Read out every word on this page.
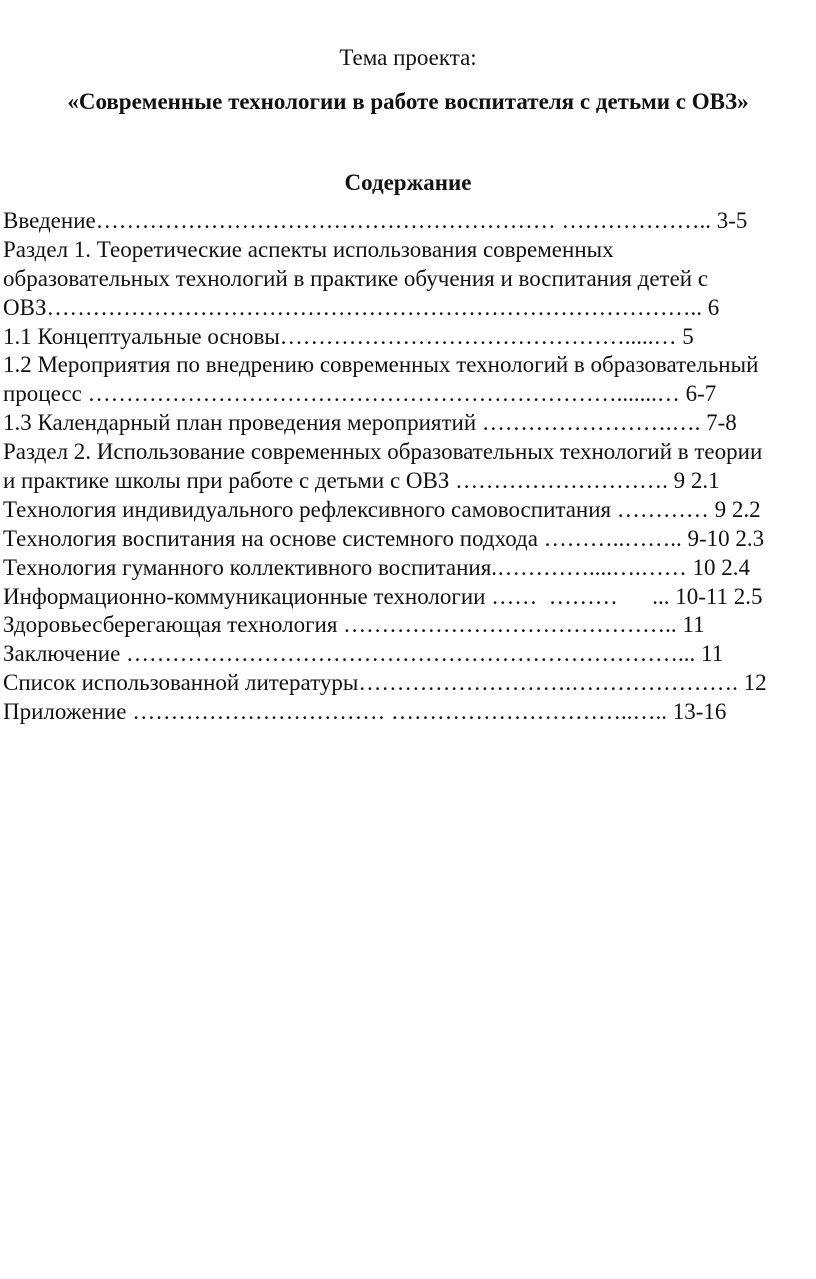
Тема проекта:
«Современные технологии в работе воспитателя с детьми с ОВЗ»
Содержание
Введение…………………………………………………… ……………….. 3-5
Раздел 1. Теоретические аспекты использования современных
образовательных технологий в практике обучения и воспитания детей с
ОВЗ………………………………………………………………………….. 6
1.1 Концептуальные основы……………………………………….....… 5
1.2 Мероприятия по внедрению современных технологий в образовательный
процесс …………………………………………………………….......… 6-7
1.3 Календарный план проведения мероприятий …………………….…. 7-8
Раздел 2. Использование современных образовательных технологий в теории
и практике школы при работе с детьми с ОВЗ ………………………. 9 2.1
Технология индивидуального рефлексивного самовоспитания ………… 9 2.2
Технология воспитания на основе системного подхода ………..…….. 9-10 2.3
Технология гуманного коллективного воспитания.…………....….…… 10 2.4
Информационно-коммуникационные технологии ……  ………      ... 10-11 2.5
Здоровьесберегающая технология …………………………………….. 11
Заключение ………………………………………………………………... 11
Список использованной литературы……………………….…………………. 12
Приложение …………………………… …………………………..….. 13-16
